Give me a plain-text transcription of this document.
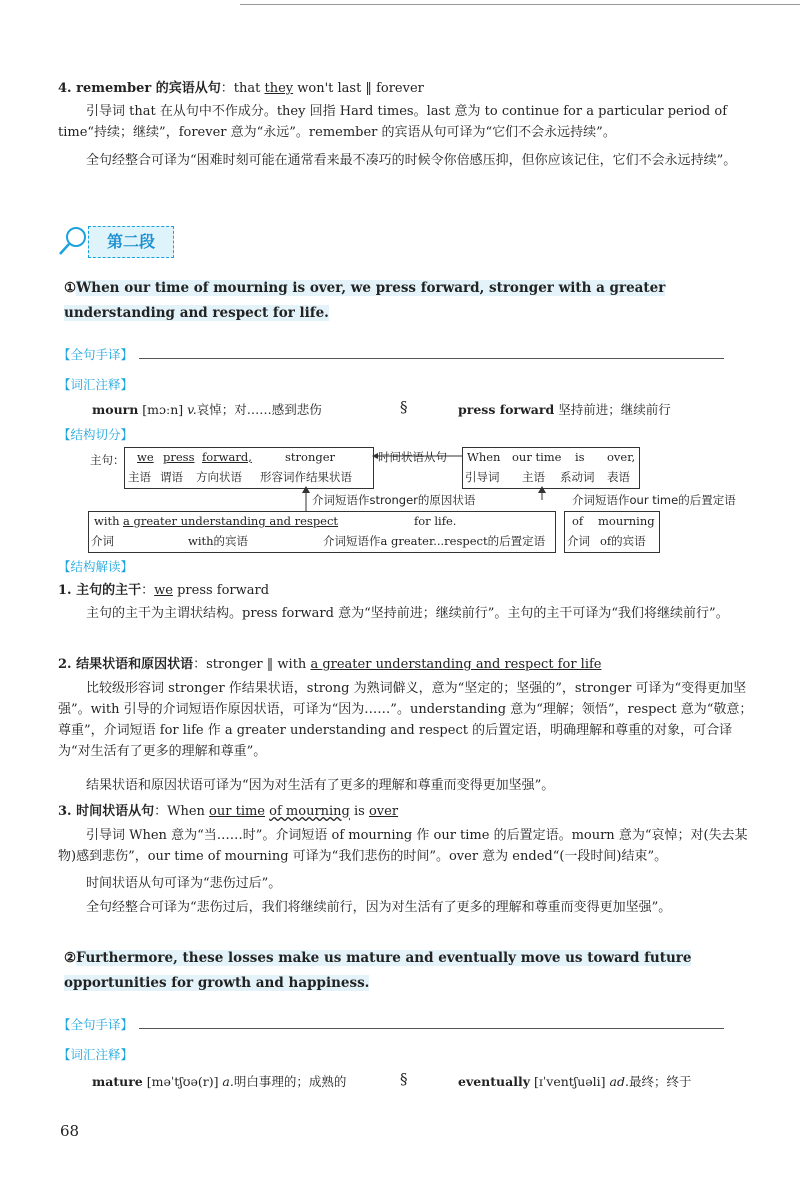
4. remember 的宾语从句：that they won't last ‖ forever

引导词 that 在从句中不作成分。they 回指 Hard times。last 意为 to continue for a particular period of time“持续；继续”，forever 意为“永远”。remember 的宾语从句可译为“它们不会永远持续”。

全句经整合可译为“困难时刻可能在通常看来最不凑巧的时候令你倍感压抑，但你应该记住，它们不会永远持续”。

第二段
①When our time of mourning is over, we press forward, stronger with a greater understanding and respect for life.
【全句手译】
【词汇注释】
mourn [mɔːn] v.哀悼；对……感到悲伤	§	press forward 坚持前进；继续前行
【结构切分】
主句： we press forward,	stronger
主语 谓语 方向状语 形容词作结果状语
时间状语从句 When our time is over,
引导词 主语 系动词 表语
介词短语作stronger的原因状语	介词短语作our time的后置定语
with a greater understanding and respect	for life.
介词	with的宾语	介词短语作a greater...respect的后置定语
of mourning
介词 of的宾语
【结构解读】

1. 主句的主干：we press forward

主句的主干为主谓状结构。press forward 意为“坚持前进；继续前行”。主句的主干可译为“我们将继续前行”。

2. 结果状语和原因状语：stronger ‖ with a greater understanding and respect for life

比较级形容词 stronger 作结果状语，strong 为熟词僻义，意为“坚定的；坚强的”，stronger 可译为“变得更加坚强”。with 引导的介词短语作原因状语，可译为“因为……”。understanding 意为“理解；领悟”，respect 意为“敬意；尊重”，介词短语 for life 作 a greater understanding and respect 的后置定语，明确理解和尊重的对象，可合译为“对生活有了更多的理解和尊重”。

结果状语和原因状语可译为“因为对生活有了更多的理解和尊重而变得更加坚强”。

3. 时间状语从句：When our time of mourning is over

引导词 When 意为“当……时”。介词短语 of mourning 作 our time 的后置定语。mourn 意为“哀悼；对(失去某物)感到悲伤”，our time of mourning 可译为“我们悲伤的时间”。over 意为 ended“(一段时间)结束”。

时间状语从句可译为“悲伤过后”。

全句经整合可译为“悲伤过后，我们将继续前行，因为对生活有了更多的理解和尊重而变得更加坚强”。

②Furthermore, these losses make us mature and eventually move us toward future opportunities for growth and happiness.
【全句手译】
【词汇注释】
mature [məˈtʃʊə(r)] a.明白事理的；成熟的	§	eventually [ɪˈventʃuəli] ad.最终；终于
68
